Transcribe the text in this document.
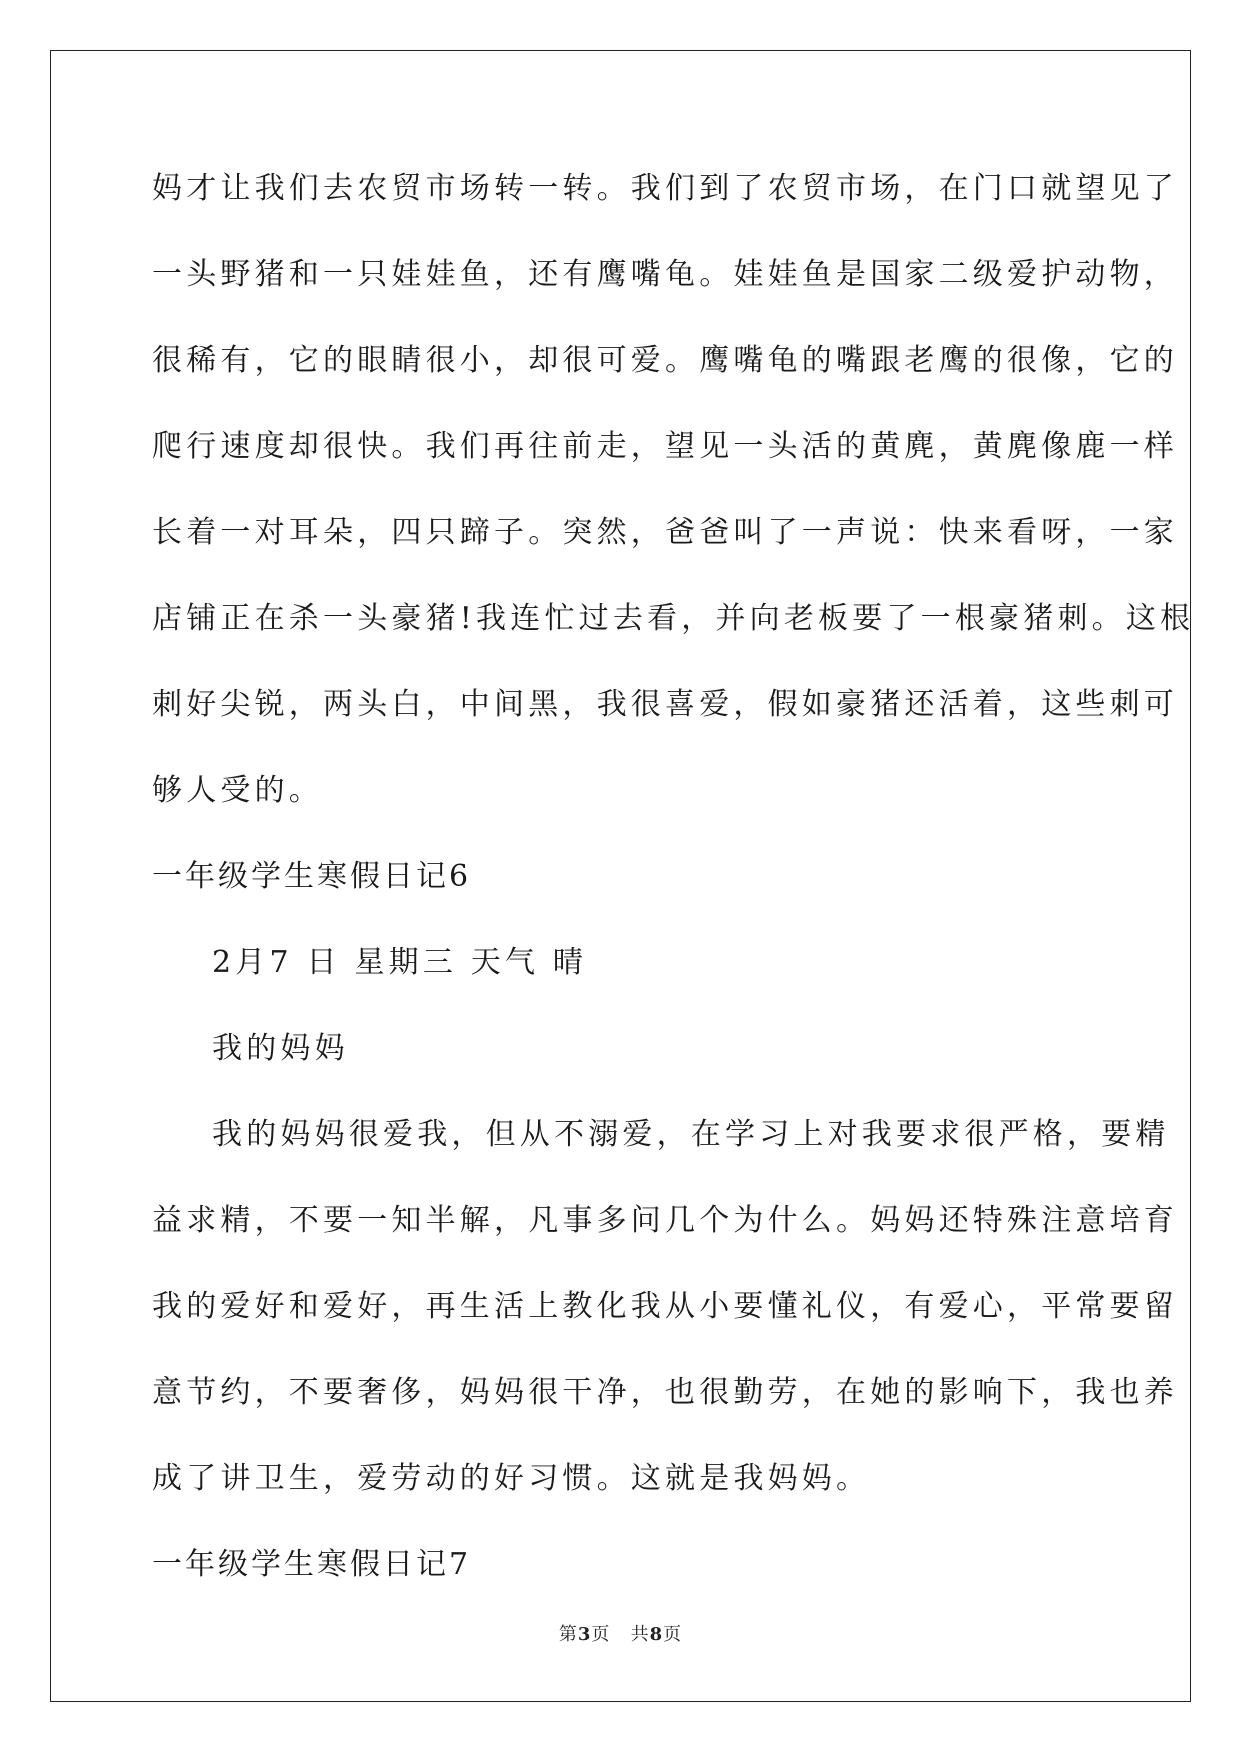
妈才让我们去农贸市场转一转。我们到了农贸市场，在门口就望见了
一头野猪和一只娃娃鱼，还有鹰嘴龟。娃娃鱼是国家二级爱护动物，
很稀有，它的眼睛很小，却很可爱。鹰嘴龟的嘴跟老鹰的很像，它的
爬行速度却很快。我们再往前走，望见一头活的黄麂，黄麂像鹿一样
长着一对耳朵，四只蹄子。突然，爸爸叫了一声说：快来看呀，一家
店铺正在杀一头豪猪!我连忙过去看，并向老板要了一根豪猪刺。这根
刺好尖锐，两头白，中间黑，我很喜爱，假如豪猪还活着，这些刺可
够人受的。
一年级学生寒假日记6
2月7 日 星期三 天气 晴
我的妈妈
我的妈妈很爱我，但从不溺爱，在学习上对我要求很严格，要精
益求精，不要一知半解，凡事多问几个为什么。妈妈还特殊注意培育
我的爱好和爱好，再生活上教化我从小要懂礼仪，有爱心，平常要留
意节约，不要奢侈，妈妈很干净，也很勤劳，在她的影响下，我也养
成了讲卫生，爱劳动的好习惯。这就是我妈妈。
一年级学生寒假日记7
第3页 共8页
